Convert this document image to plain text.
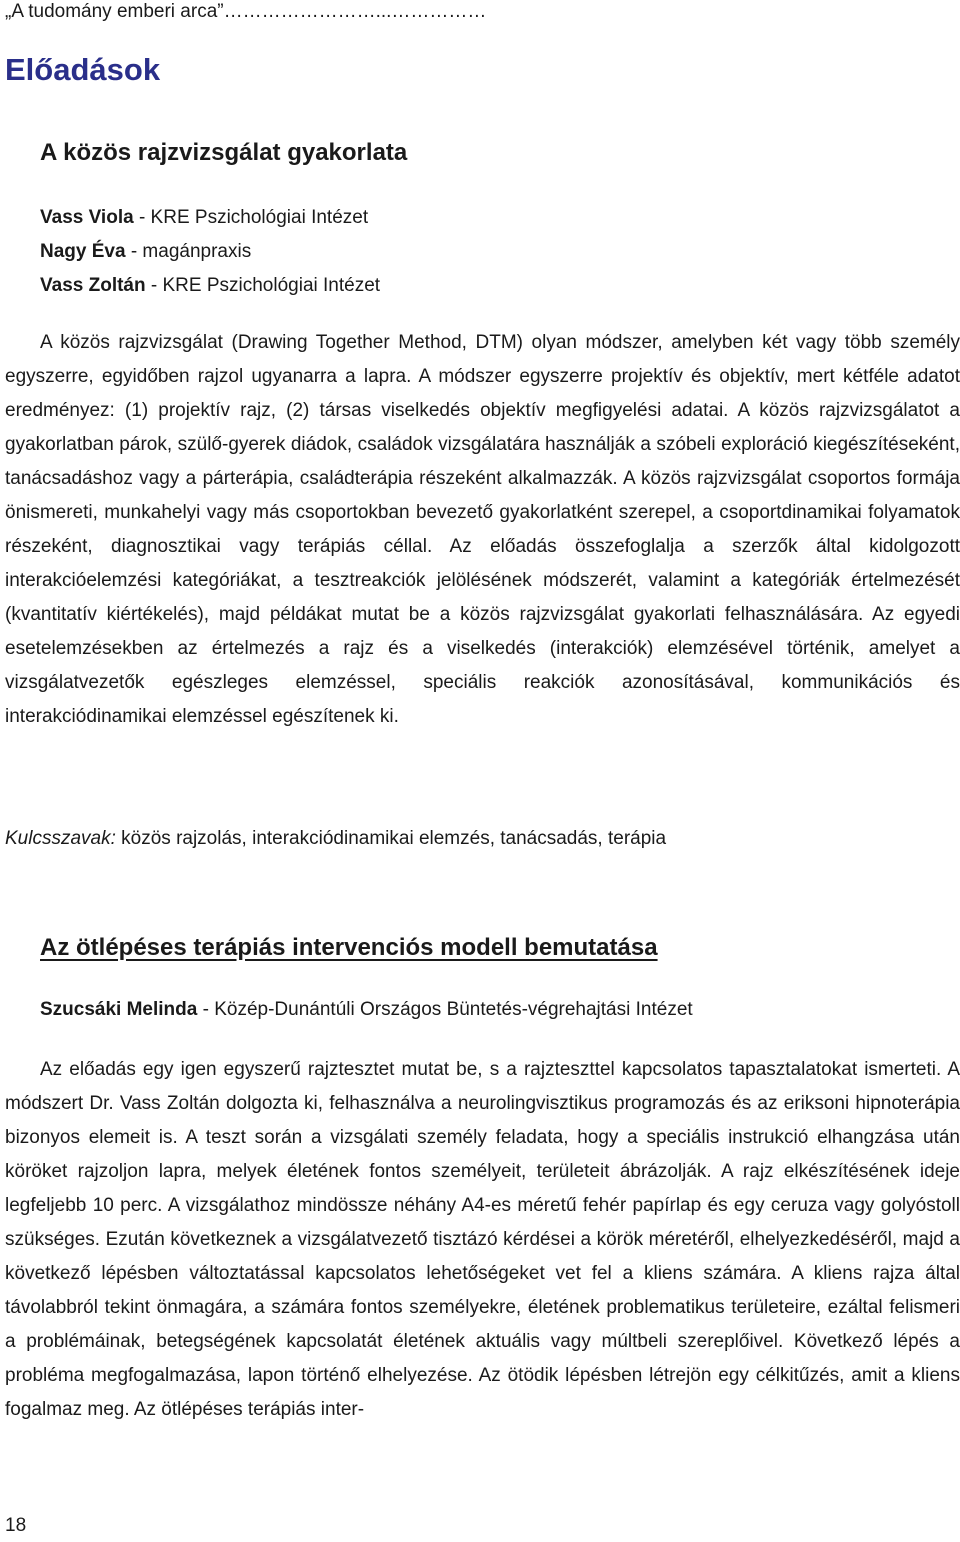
„A tudomány emberi arca”……………………...……………
Előadások
A közös rajzvizsgálat gyakorlata
Vass Viola - KRE Pszichológiai Intézet
Nagy Éva - magánpraxis
Vass Zoltán - KRE Pszichológiai Intézet

A közös rajzvizsgálat (Drawing Together Method, DTM) olyan módszer, amelyben két vagy több személy egyszerre, egyidőben rajzol ugyanarra a lapra. A módszer egyszerre projektív és objektív, mert kétféle adatot eredményez: (1) projektív rajz, (2) társas viselkedés objektív megfigyelési adatai. A közös rajzvizsgálatot a gyakorlatban párok, szülő-gyerek diádok, családok vizsgálatára használják a szóbeli exploráció kiegészítéseként, tanácsadáshoz vagy a párterápia, családterápia részeként alkalmazzák. A közös rajzvizsgálat csoportos formája önismereti, munkahelyi vagy más csoportokban bevezető gyakorlatként szerepel, a csoportdinamikai folyamatok részeként, diagnosztikai vagy terápiás céllal. Az előadás összefoglalja a szerzők által kidolgozott interakcióelemzési kategóriákat, a tesztreakciók jelölésének módszerét, valamint a kategóriák értelmezését (kvantitatív kiértékelés), majd példákat mutat be a közös rajzvizsgálat gyakorlati felhasználására. Az egyedi esetelemzésekben az értelmezés a rajz és a viselkedés (interakciók) elemzésével történik, amelyet a vizsgálatvezetők egészleges elemzéssel, speciális reakciók azonosításával, kommunikációs és interakciódinamikai elemzéssel egészítenek ki.

Kulcsszavak: közös rajzolás, interakciódinamikai elemzés, tanácsadás, terápia
Az ötlépéses terápiás intervenciós modell bemutatása
Szucsáki Melinda - Közép-Dunántúli Országos Büntetés-végrehajtási Intézet

Az előadás egy igen egyszerű rajztesztet mutat be, s a rajzteszttel kapcsolatos tapasztalatokat ismerteti. A módszert Dr. Vass Zoltán dolgozta ki, felhasználva a neurolingvisztikus programozás és az eriksoni hipnoterápia bizonyos elemeit is. A teszt során a vizsgálati személy feladata, hogy a speciális instrukció elhangzása után köröket rajzoljon lapra, melyek életének fontos személyeit, területeit ábrázolják. A rajz elkészítésének ideje legfeljebb 10 perc. A vizsgálathoz mindössze néhány A4-es méretű fehér papírlap és egy ceruza vagy golyóstoll szükséges. Ezután következnek a vizsgálatvezető tisztázó kérdései a körök méretéről, elhelyezkedéséről, majd a következő lépésben változtatással kapcsolatos lehetőségeket vet fel a kliens számára. A kliens rajza által távolabbról tekint önmagára, a számára fontos személyekre, életének problematikus területeire, ezáltal felismeri a problémáinak, betegségének kapcsolatát életének aktuális vagy múltbeli szereplőivel. Következő lépés a probléma megfogalmazása, lapon történő elhelyezése. Az ötödik lépésben létrejön egy célkitűzés, amit a kliens fogalmaz meg. Az ötlépéses terápiás inter-

18
